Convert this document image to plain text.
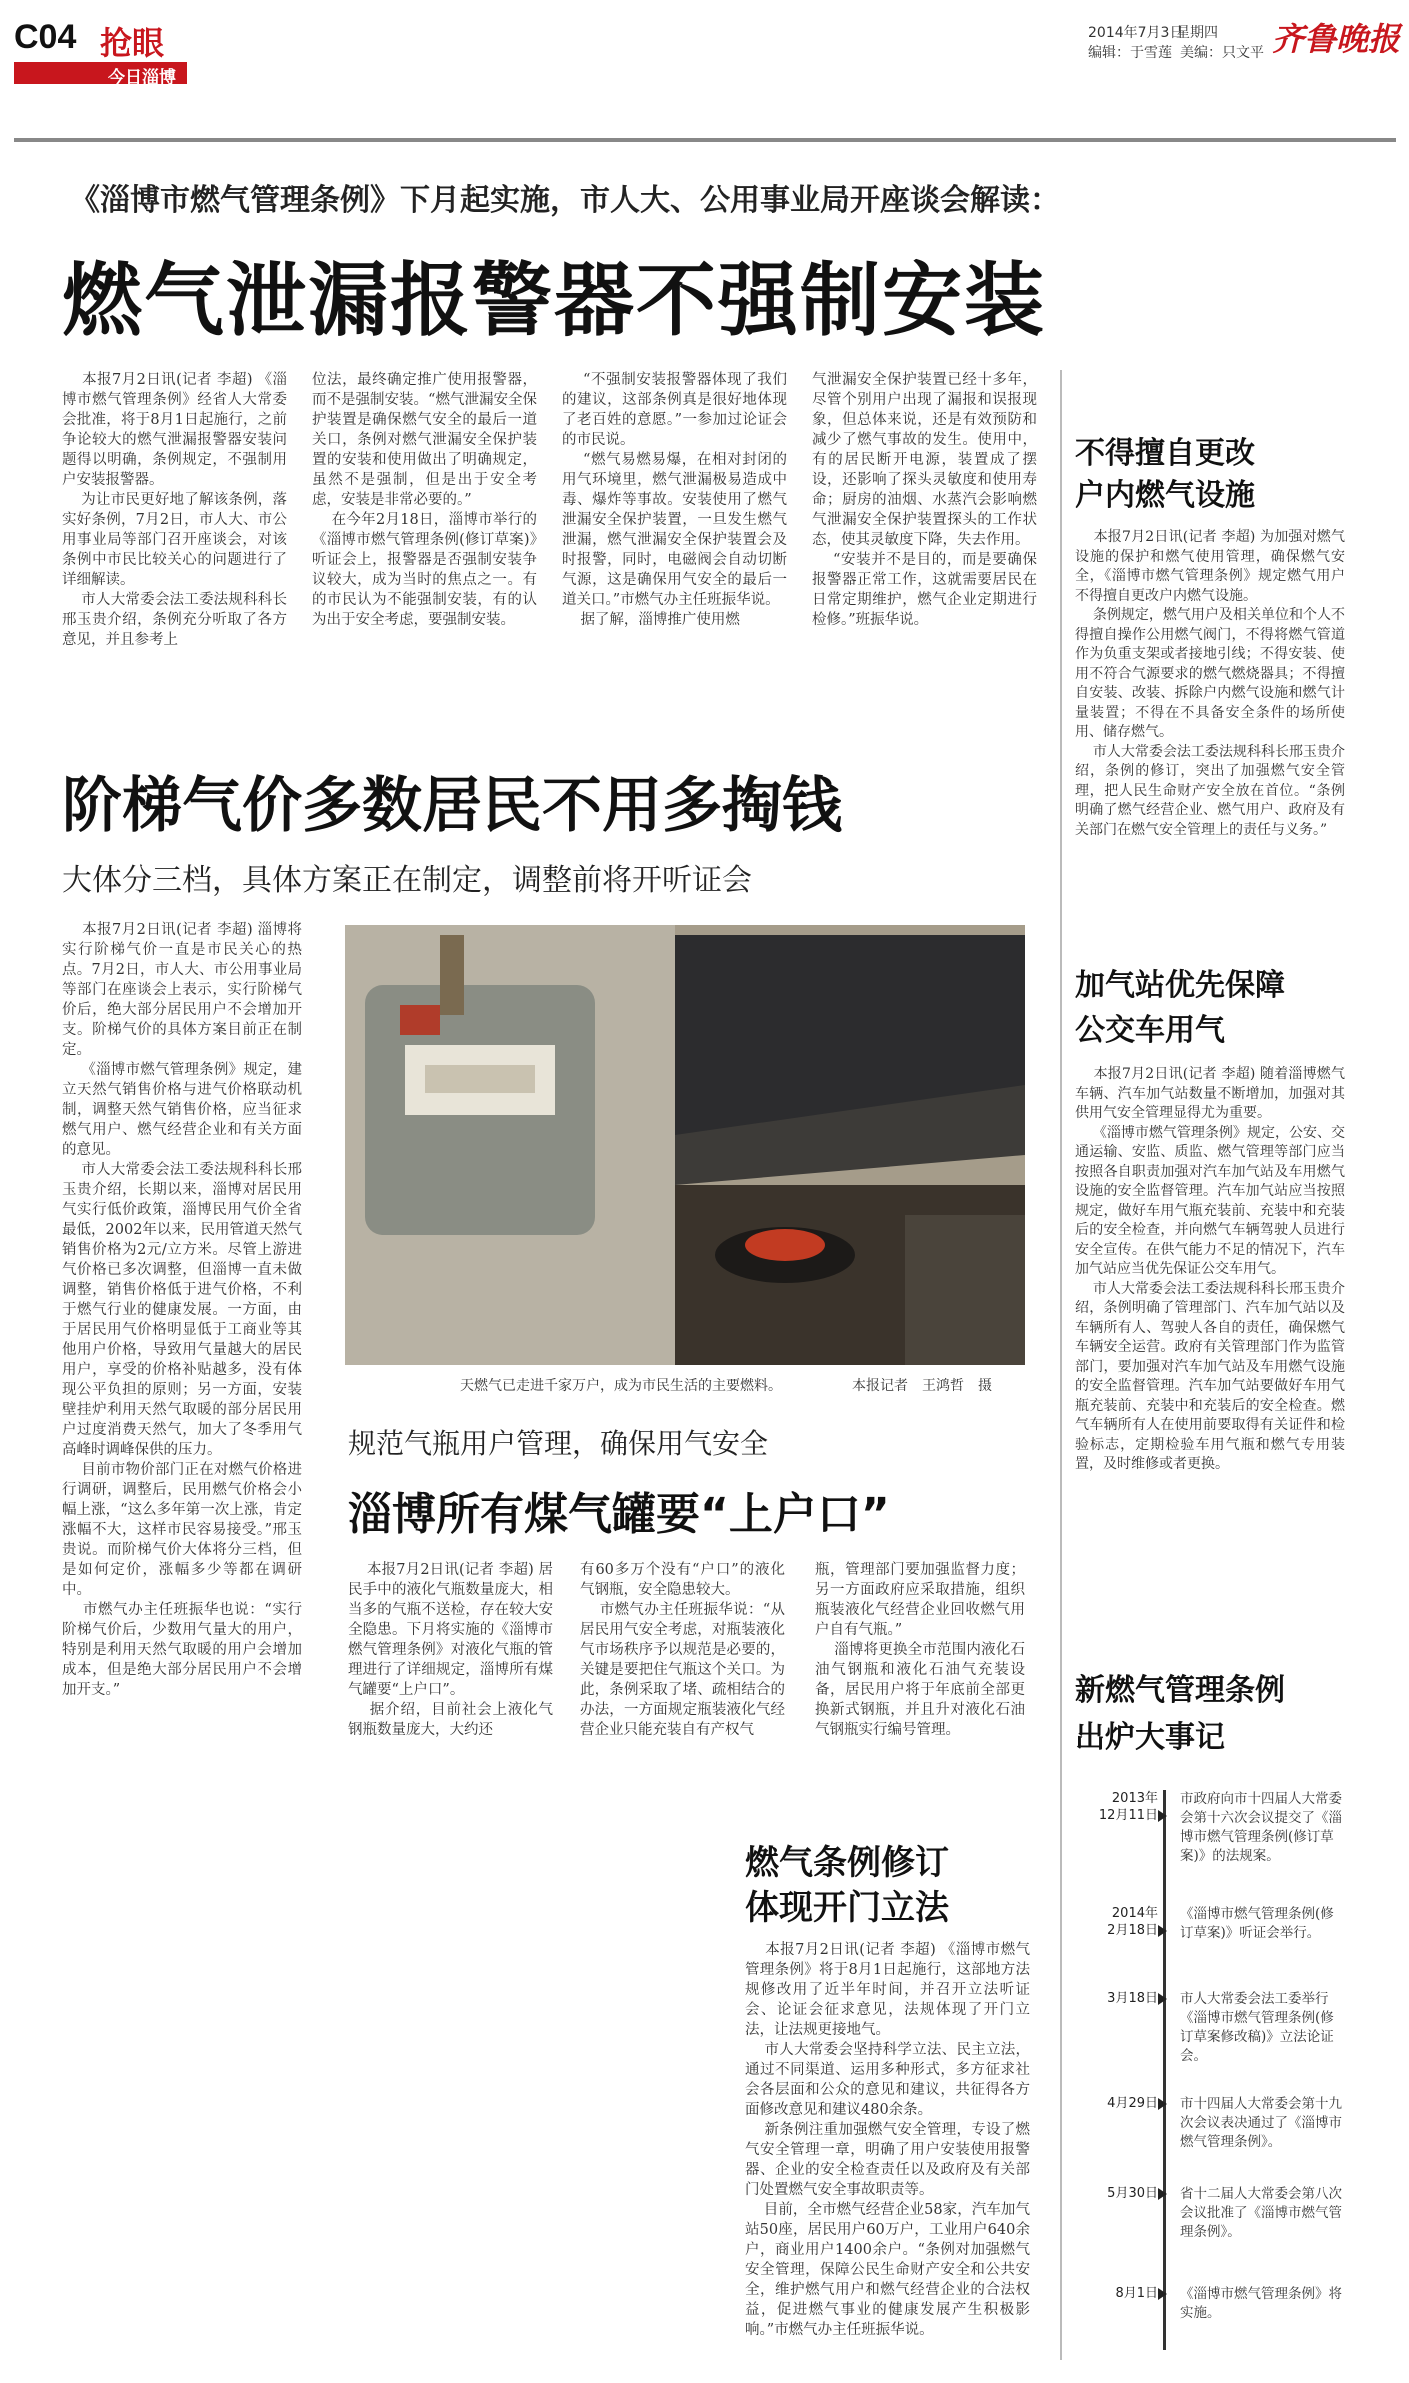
C04 抢眼
今日淄博
2014年7月3日
星期四
编辑：于雪莲 美编：只文平 齐鲁晚报
《淄博市燃气管理条例》下月起实施，市人大、公用事业局开座谈会解读：
燃气泄漏报警器不强制安装

本报7月2日讯(记者 李超) 《淄博市燃气管理条例》经省人大常委会批准，将于8月1日起施行，之前争论较大的燃气泄漏报警器安装问题得以明确，条例规定，不强制用户安装报警器。
为让市民更好地了解该条例，落实好条例，7月2日，市人大、市公用事业局等部门召开座谈会，对该条例中市民比较关心的问题进行了详细解读。
市人大常委会法工委法规科科长邢玉贵介绍，条例充分听取了各方意见，并且参考上

位法，最终确定推广使用报警器，而不是强制安装。“燃气泄漏安全保护装置是确保燃气安全的最后一道关口，条例对燃气泄漏安全保护装置的安装和使用做出了明确规定，虽然不是强制，但是出于安全考虑，安装是非常必要的。”
在今年2月18日，淄博市举行的《淄博市燃气管理条例(修订草案)》听证会上，报警器是否强制安装争议较大，成为当时的焦点之一。有的市民认为不能强制安装，有的认为出于安全考虑，要强制安装。

“不强制安装报警器体现了我们的建议，这部条例真是很好地体现了老百姓的意愿。”一参加过论证会的市民说。
“燃气易燃易爆，在相对封闭的用气环境里，燃气泄漏极易造成中毒、爆炸等事故。安装使用了燃气泄漏安全保护装置，一旦发生燃气泄漏，燃气泄漏安全保护装置会及时报警，同时，电磁阀会自动切断气源，这是确保用气安全的最后一道关口。”市燃气办主任班振华说。
据了解，淄博推广使用燃

气泄漏安全保护装置已经十多年，尽管个别用户出现了漏报和误报现象，但总体来说，还是有效预防和减少了燃气事故的发生。使用中，有的居民断开电源，装置成了摆设，还影响了探头灵敏度和使用寿命；厨房的油烟、水蒸汽会影响燃气泄漏安全保护装置探头的工作状态，使其灵敏度下降，失去作用。
“安装并不是目的，而是要确保报警器正常工作，这就需要居民在日常定期维护，燃气企业定期进行检修。”班振华说。

阶梯气价多数居民不用多掏钱
大体分三档，具体方案正在制定，调整前将开听证会

本报7月2日讯(记者 李超) 淄博将实行阶梯气价一直是市民关心的热点。7月2日，市人大、市公用事业局等部门在座谈会上表示，实行阶梯气价后，绝大部分居民用户不会增加开支。阶梯气价的具体方案目前正在制定。
《淄博市燃气管理条例》规定，建立天然气销售价格与进气价格联动机制，调整天然气销售价格，应当征求燃气用户、燃气经营企业和有关方面的意见。
市人大常委会法工委法规科科长邢玉贵介绍，长期以来，淄博对居民用气实行低价政策，淄博民用气价全省最低，2002年以来，民用管道天然气销售价格为2元/立方米。尽管上游进气价格已多次调整，但淄博一直未做调整，销售价格低于进气价格，不利于燃气行业的健康发展。一方面，由于居民用气价格明显低于工商业等其他用户价格，导致用气量越大的居民用户，享受的价格补贴越多，没有体现公平负担的原则；另一方面，安装壁挂炉利用天然气取暖的部分居民用户过度消费天然气，加大了冬季用气高峰时调峰保供的压力。
目前市物价部门正在对燃气价格进行调研，调整后，民用燃气价格会小幅上涨，“这么多年第一次上涨，肯定涨幅不大，这样市民容易接受。”邢玉贵说。而阶梯气价大体将分三档，但是如何定价，涨幅多少等都在调研中。
市燃气办主任班振华也说：“实行阶梯气价后，少数用气量大的用户，特别是利用天然气取暖的用户会增加成本，但是绝大部分居民用户不会增加开支。”

天燃气已走进千家万户，成为市民生活的主要燃料。	本报记者　王鸿哲　摄
规范气瓶用户管理，确保用气安全
淄博所有煤气罐要“上户口”

本报7月2日讯(记者 李超) 居民手中的液化气瓶数量庞大，相当多的气瓶不送检，存在较大安全隐患。下月将实施的《淄博市燃气管理条例》对液化气瓶的管理进行了详细规定，淄博所有煤气罐要“上户口”。
据介绍，目前社会上液化气钢瓶数量庞大，大约还

有60多万个没有“户口”的液化气钢瓶，安全隐患较大。
市燃气办主任班振华说：“从居民用气安全考虑，对瓶装液化气市场秩序予以规范是必要的，关键是要把住气瓶这个关口。为此，条例采取了堵、疏相结合的办法，一方面规定瓶装液化气经营企业只能充装自有产权气

瓶，管理部门要加强监督力度；另一方面政府应采取措施，组织瓶装液化气经营企业回收燃气用户自有气瓶。”
淄博将更换全市范围内液化石油气钢瓶和液化石油气充装设备，居民用户将于年底前全部更换新式钢瓶，并且升对液化石油气钢瓶实行编号管理。

燃气条例修订
体现开门立法

本报7月2日讯(记者 李超) 《淄博市燃气管理条例》将于8月1日起施行，这部地方法规修改用了近半年时间，并召开立法听证会、论证会征求意见，法规体现了开门立法，让法规更接地气。
市人大常委会坚持科学立法、民主立法，通过不同渠道、运用多种形式，多方征求社会各层面和公众的意见和建议，共征得各方面修改意见和建议480余条。
新条例注重加强燃气安全管理，专设了燃气安全管理一章，明确了用户安装使用报警器、企业的安全检查责任以及政府及有关部门处置燃气安全事故职责等。
目前，全市燃气经营企业58家，汽车加气站50座，居民用户60万户，工业用户640余户，商业用户1400余户。“条例对加强燃气安全管理，保障公民生命财产安全和公共安全，维护燃气用户和燃气经营企业的合法权益，促进燃气事业的健康发展产生积极影响。”市燃气办主任班振华说。

不得擅自更改
户内燃气设施

本报7月2日讯(记者 李超) 为加强对燃气设施的保护和燃气使用管理，确保燃气安全，《淄博市燃气管理条例》规定燃气用户不得擅自更改户内燃气设施。
条例规定，燃气用户及相关单位和个人不得擅自操作公用燃气阀门，不得将燃气管道作为负重支架或者接地引线；不得安装、使用不符合气源要求的燃气燃烧器具；不得擅自安装、改装、拆除户内燃气设施和燃气计量装置；不得在不具备安全条件的场所使用、储存燃气。
市人大常委会法工委法规科科长邢玉贵介绍，条例的修订，突出了加强燃气安全管理，把人民生命财产安全放在首位。“条例明确了燃气经营企业、燃气用户、政府及有关部门在燃气安全管理上的责任与义务。”

加气站优先保障
公交车用气

本报7月2日讯(记者 李超) 随着淄博燃气车辆、汽车加气站数量不断增加，加强对其供用气安全管理显得尤为重要。
《淄博市燃气管理条例》规定，公安、交通运输、安监、质监、燃气管理等部门应当按照各自职责加强对汽车加气站及车用燃气设施的安全监督管理。汽车加气站应当按照规定，做好车用气瓶充装前、充装中和充装后的安全检查，并向燃气车辆驾驶人员进行安全宣传。在供气能力不足的情况下，汽车加气站应当优先保证公交车用气。
市人大常委会法工委法规科科长邢玉贵介绍，条例明确了管理部门、汽车加气站以及车辆所有人、驾驶人各自的责任，确保燃气车辆安全运营。政府有关管理部门作为监管部门，要加强对汽车加气站及车用燃气设施的安全监督管理。汽车加气站要做好车用气瓶充装前、充装中和充装后的安全检查。燃气车辆所有人在使用前要取得有关证件和检验标志，定期检验车用气瓶和燃气专用装置，及时维修或者更换。

新燃气管理条例
出炉大事记
2013年
12月11日
市政府向市十四届人大常委会第十六次会议提交了《淄博市燃气管理条例(修订草案)》的法规案。
2014年
2月18日
《淄博市燃气管理条例(修订草案)》听证会举行。
3月18日 市人大常委会法工委举行《淄博市燃气管理条例(修订草案修改稿)》立法论证会。
4月29日 市十四届人大常委会第十九次会议表决通过了《淄博市燃气管理条例》。
5月30日 省十二届人大常委会第八次会议批准了《淄博市燃气管理条例》。
8月1日 《淄博市燃气管理条例》将实施。
